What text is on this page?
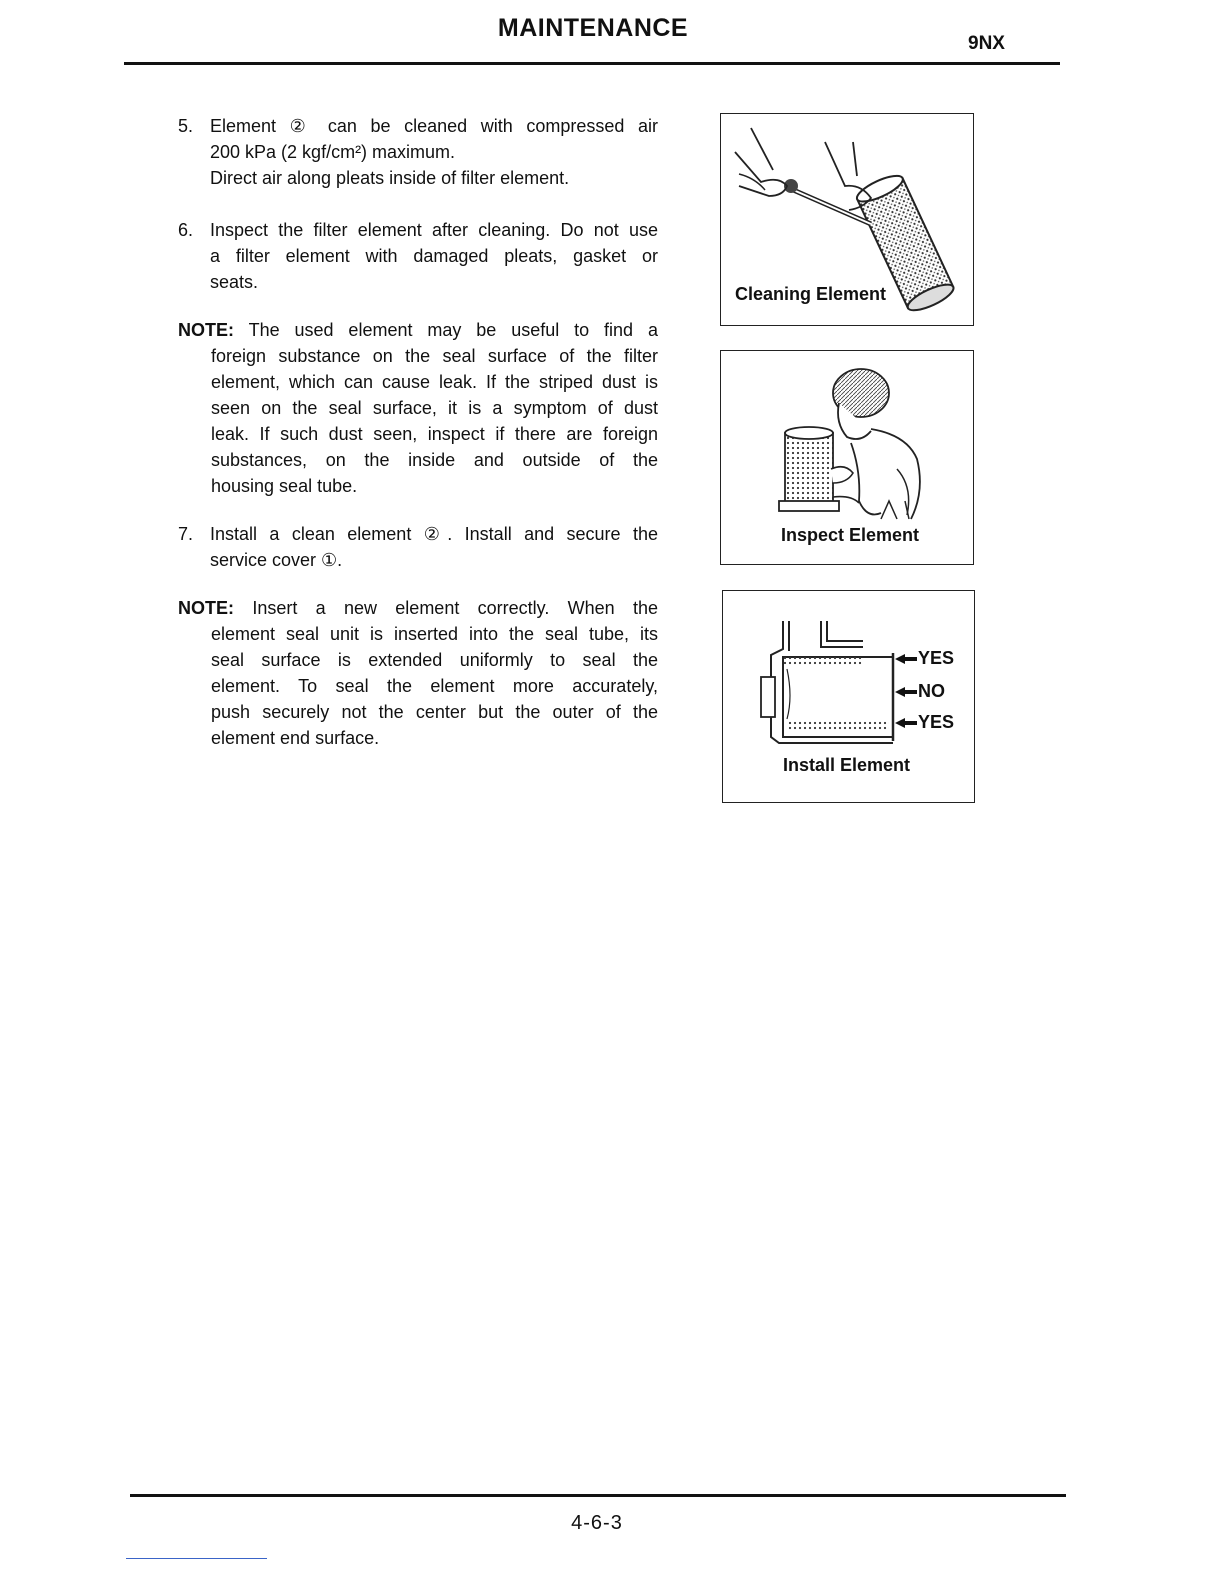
MAINTENANCE
9NX
5. Element ② can be cleaned with compressed air
200 kPa (2 kgf/cm²) maximum.
Direct air along pleats inside of filter element.

6. Inspect the filter element after cleaning. Do not use
a filter element with damaged pleats, gasket or
seats.

NOTE: The used element may be useful to find a
foreign substance on the seal surface of the filter
element, which can cause leak. If the striped dust is
seen on the seal surface, it is a symptom of dust
leak. If such dust seen, inspect if there are foreign
substances, on the inside and outside of the
housing seal tube.

7. Install a clean element ②. Install and secure the
service cover ①.

NOTE: Insert a new element correctly. When the
element seal unit is inserted into the seal tube, its
seal surface is extended uniformly to seal the
element. To seal the element more accurately,
push securely not the center but the outer of the
element end surface.

Cleaning Element
Inspect Element
YES
NO
YES
Install Element
4-6-3
